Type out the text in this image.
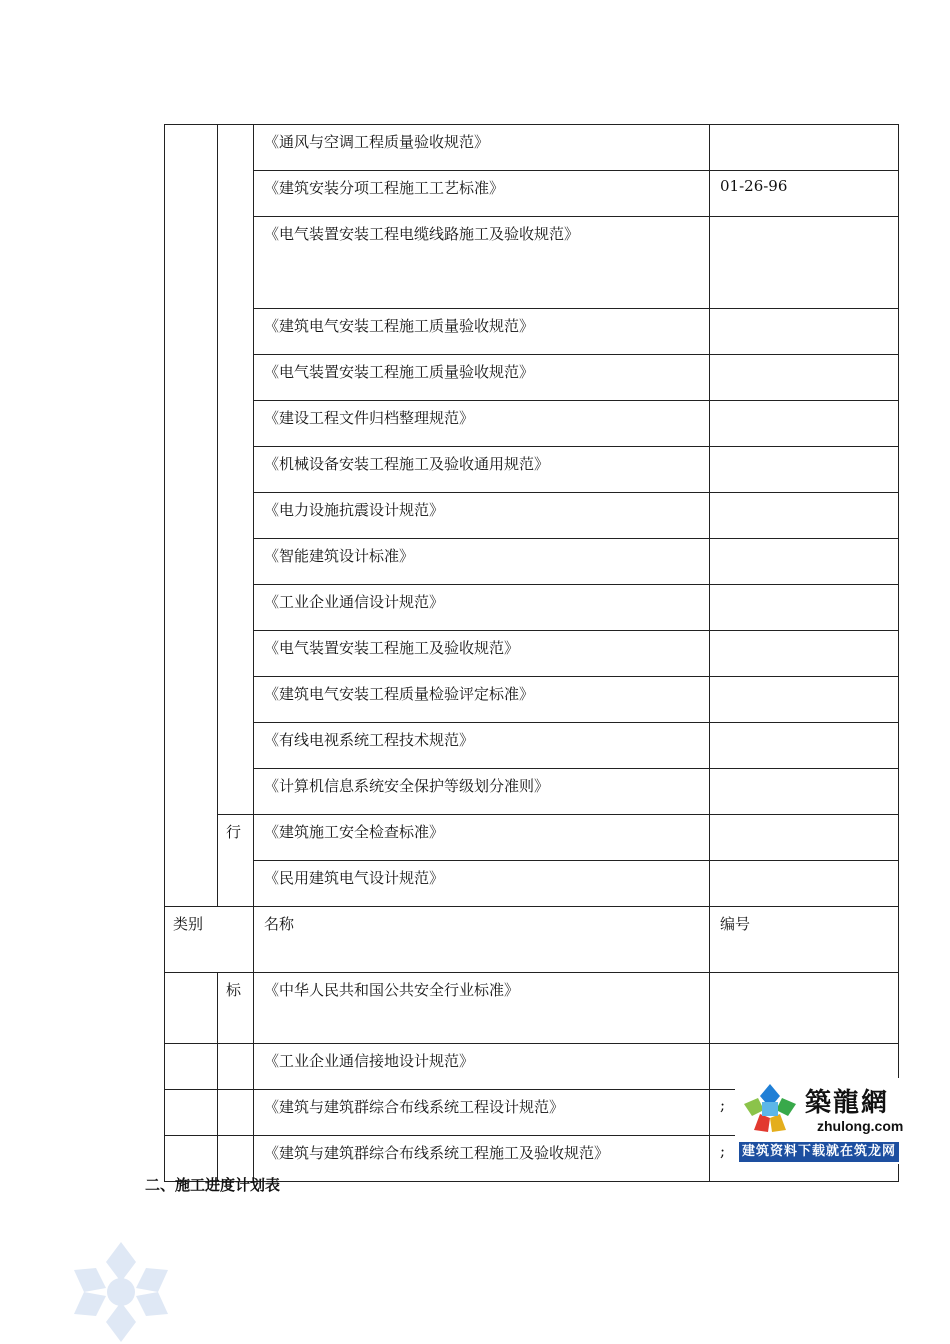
		《通风与空调工程质量验收规范》	
		《建筑安装分项工程施工工艺标准》	01-26-96
		《电气装置安装工程电缆线路施工及验收规范》	
		《建筑电气安装工程施工质量验收规范》	
		《电气装置安装工程施工质量验收规范》	
		《建设工程文件归档整理规范》	
		《机械设备安装工程施工及验收通用规范》	
		《电力设施抗震设计规范》	
		《智能建筑设计标准》	
		《工业企业通信设计规范》	
		《电气装置安装工程施工及验收规范》	
		《建筑电气安装工程质量检验评定标准》	
		《有线电视系统工程技术规范》	
		《计算机信息系统安全保护等级划分准则》	
	行	《建筑施工安全检查标准》	
		《民用建筑电气设计规范》	
类别		名称	编号
	标	《中华人民共和国公共安全行业标准》	
		《工业企业通信接地设计规范》	
		《建筑与建筑群综合布线系统工程设计规范》	;
		《建筑与建筑群综合布线系统工程施工及验收规范》	;
二、施工进度计划表
築龍網
zhulong.com
建筑资料下载就在筑龙网
